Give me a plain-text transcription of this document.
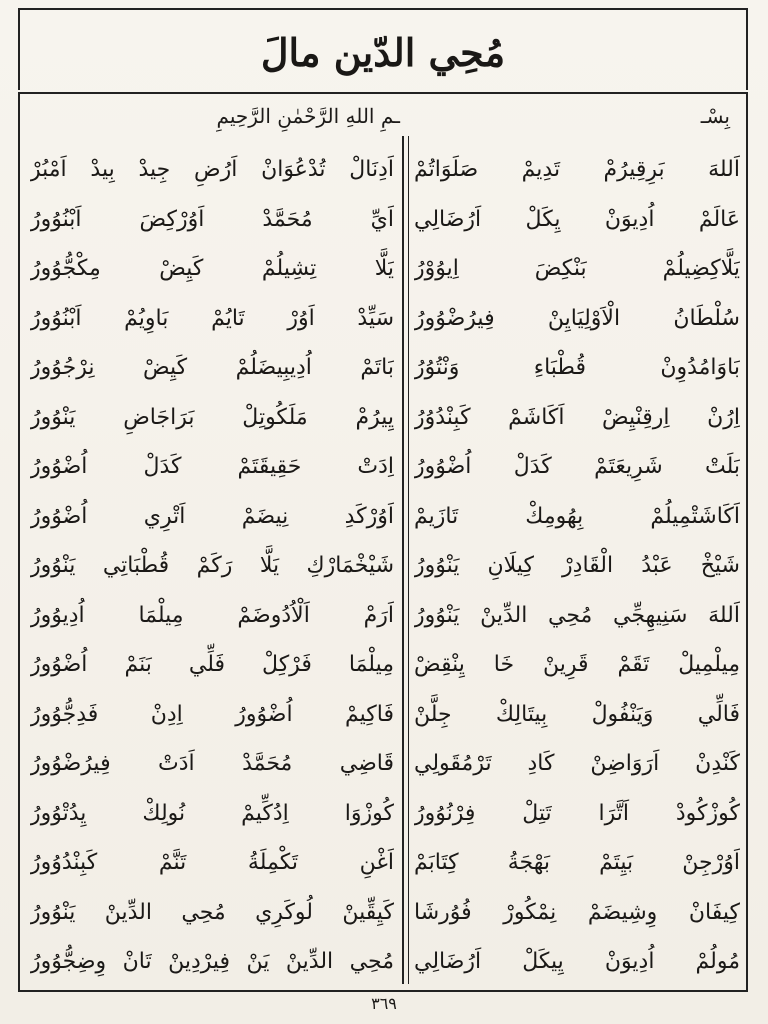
مُحِي الدّين مالَ
بِسْـ
ـمِ اللهِ الرَّحْمٰنِ الرَّحِيمِ
اَللهَ بَرِقِيرُمْ تَدِيمْ صَلَوَاتُمْ
عَالَمْ اُدِيوَنْ يِكَلْ اَرُضَالِي
يَلَّاكِضِيلُمْ بَنْكِضَ اِيوُوْرُ
سُلْطَانُ الْاَوْلِيَايِنْ فِيرُضْوُورُ
بَاوَامُدُوِنْ قُطْبَاءِ وَنْتُوُرُ
اِرُنْ اِرقِنْيِضْ اَكَاشَمْ كَبِنْدُوُرُ
بَلَتْ شَرِيعَتَمْ كَدَلْ اُضْوُورُ
اَكَاشَتْمِيلُمْ بِهُومِكْ تَازَيمْ
شَيْخْ عَبْدُ الْقَادِرْ كِيلَانِ يَنْوُورُ
اَللهَ سَنِيهِجِّي مُحِي الدِّينْ يَنْوُورُ
مِيلْمِيلْ تَقَمْ قَرِينْ خَا يِنْقِضْ
فَالِّي وَيَنْفُولْ بِيتَالِكْ جِلَّنْ
كَنْدِنْ اَرَوَاضِنْ كَادِ تَرْمُقَولِي
كُوزْكُودْ اَتَّرَا تَتِلْ فِرْنُوُورُ
اَوُرْجِنْ بَيِتَمْ بَهْجَةُ كِتَابَمْ
كِيفَانْ وِشِيضَمْ نِمْكُورْ فُوُرشَا
مُولُمْ اُدِيوَنْ يِيكَلْ اَرُضَالِي
اَدِنَالْ تُدْعُوَانْ اَرُضِ جِيدْ بِيدْ اَمْبُرْ
اَيِّ مُحَمَّدْ اَوُرْكِضَ اَبْنُوُورُ
يَلَّا تِشِيلُمْ كَيِضْ مِكْجُّوُورُ
سَيِّدْ اَوُرْ تَايُمْ بَاوِيُمْ اَبْنُوُورُ
بَاتَمْ اُدِيبِيضَلُمْ كَيِضْ نِرْجُوُورُ
يِيرُمْ مَلَكُوتِلْ بَرَاجَاضِ يَنْوُورُ
اِدَتْ حَقِيقَتَمْ كَدَلْ اُضْوُورُ
اَوُرْكَدِ نِيضَمْ اَتْرِي اُضْوُورُ
شَيْخْمَارْكِ يَلَّا رَكَمْ قُطْبَاتِي يَنْوُورُ
اَرَمْ اَلْاُدُوضَمْ مِيلْمَا اُدِيوُورُ
مِيلْمَا فَرْكِلْ فَلِّي بَنَمْ اُضْوُورُ
فَاكِيمْ اُضْوُورُ اِدِنْ فَدِجُّوُورُ
قَاضِي مُحَمَّدْ اَدَتْ فِيرُضْوُورُ
كُوزْوَا اِدُكِّيمْ نُولِكْ يِدُتْوُورُ
اَغْنِ تَكْمِلَةُ تَنَّمْ كَبِنْدُوُورُ
كَيِقِّينْ لُوكَرِي مُحِي الدِّينْ يَنْوُورُ
مُحِي الدِّينْ يَنْ فِيرْدِينْ تَانْ وِضِجُّوُورُ
٣٦٩
